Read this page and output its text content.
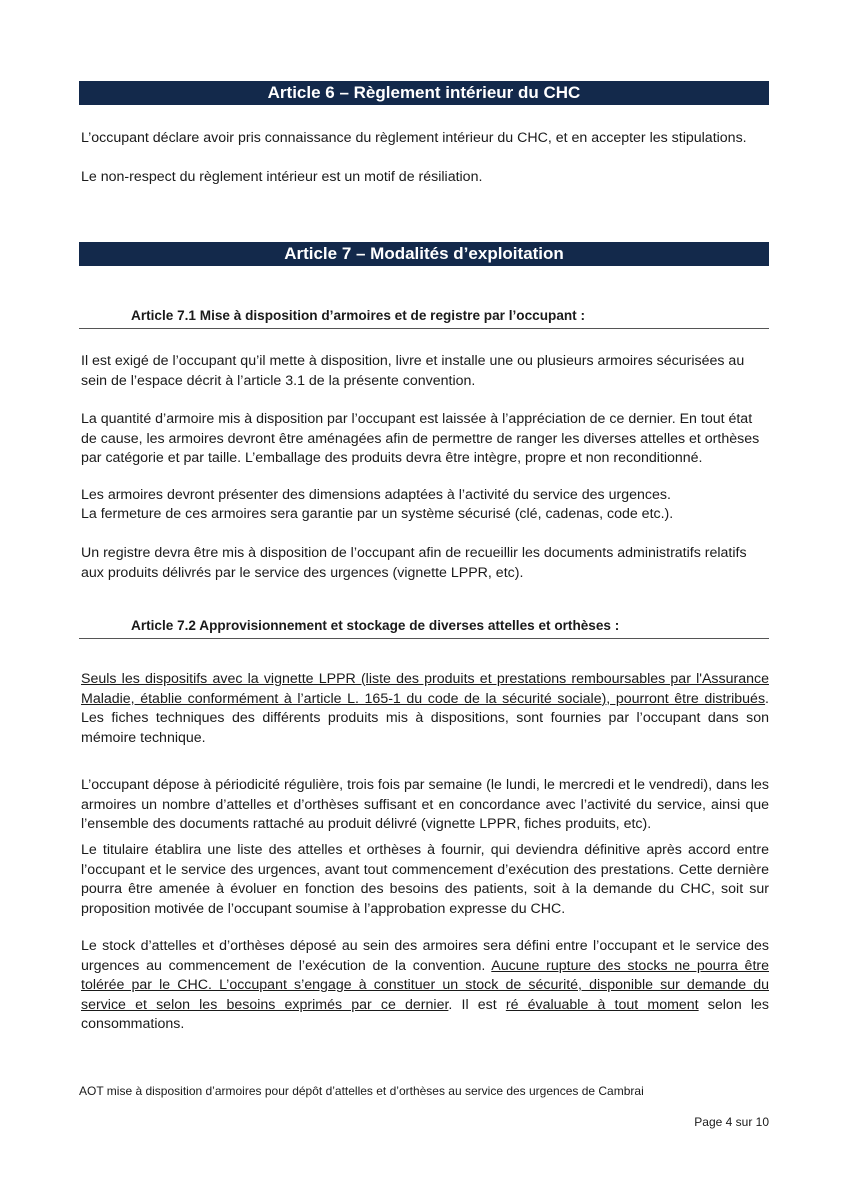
Article 6 – Règlement intérieur du CHC

L’occupant déclare avoir pris connaissance du règlement intérieur du CHC, et en accepter les stipulations.

Le non-respect du règlement intérieur est un motif de résiliation.

Article 7 – Modalités d’exploitation
Article 7.1 Mise à disposition d’armoires et de registre par l’occupant :

Il est exigé de l’occupant qu’il mette à disposition, livre et installe une ou plusieurs armoires sécurisées au sein de l’espace décrit à l’article 3.1 de la présente convention.

La quantité d’armoire mis à disposition par l’occupant est laissée à l’appréciation de ce dernier. En tout état de cause, les armoires devront être aménagées afin de permettre de ranger les diverses attelles et orthèses par catégorie et par taille. L’emballage des produits devra être intègre, propre et non reconditionné.

Les armoires devront présenter des dimensions adaptées à l’activité du service des urgences.

La fermeture de ces armoires sera garantie par un système sécurisé (clé, cadenas, code etc.).

Un registre devra être mis à disposition de l’occupant afin de recueillir les documents administratifs relatifs aux produits délivrés par le service des urgences (vignette LPPR, etc).

Article 7.2 Approvisionnement et stockage de diverses attelles et orthèses :

Seuls les dispositifs avec la vignette LPPR (liste des produits et prestations remboursables par l'Assurance Maladie, établie conformément à l’article L. 165-1 du code de la sécurité sociale), pourront être distribués. Les fiches techniques des différents produits mis à dispositions, sont fournies par l’occupant dans son mémoire technique.

L’occupant dépose à périodicité régulière, trois fois par semaine (le lundi, le mercredi et le vendredi), dans les armoires un nombre d’attelles et d’orthèses suffisant et en concordance avec l’activité du service, ainsi que l’ensemble des documents rattaché au produit délivré (vignette LPPR, fiches produits, etc).

Le titulaire établira une liste des attelles et orthèses à fournir, qui deviendra définitive après accord entre l’occupant et le service des urgences, avant tout commencement d’exécution des prestations. Cette dernière pourra être amenée à évoluer en fonction des besoins des patients, soit à la demande du CHC, soit sur proposition motivée de l’occupant soumise à l’approbation expresse du CHC.

Le stock d’attelles et d’orthèses déposé au sein des armoires sera défini entre l’occupant et le service des urgences au commencement de l’exécution de la convention. Aucune rupture des stocks ne pourra être tolérée par le CHC. L’occupant s’engage à constituer un stock de sécurité, disponible sur demande du service et selon les besoins exprimés par ce dernier. Il est ré évaluable à tout moment selon les consommations.

AOT mise à disposition d’armoires pour dépôt d’attelles et d’orthèses au service des urgences de Cambrai
Page 4 sur 10
